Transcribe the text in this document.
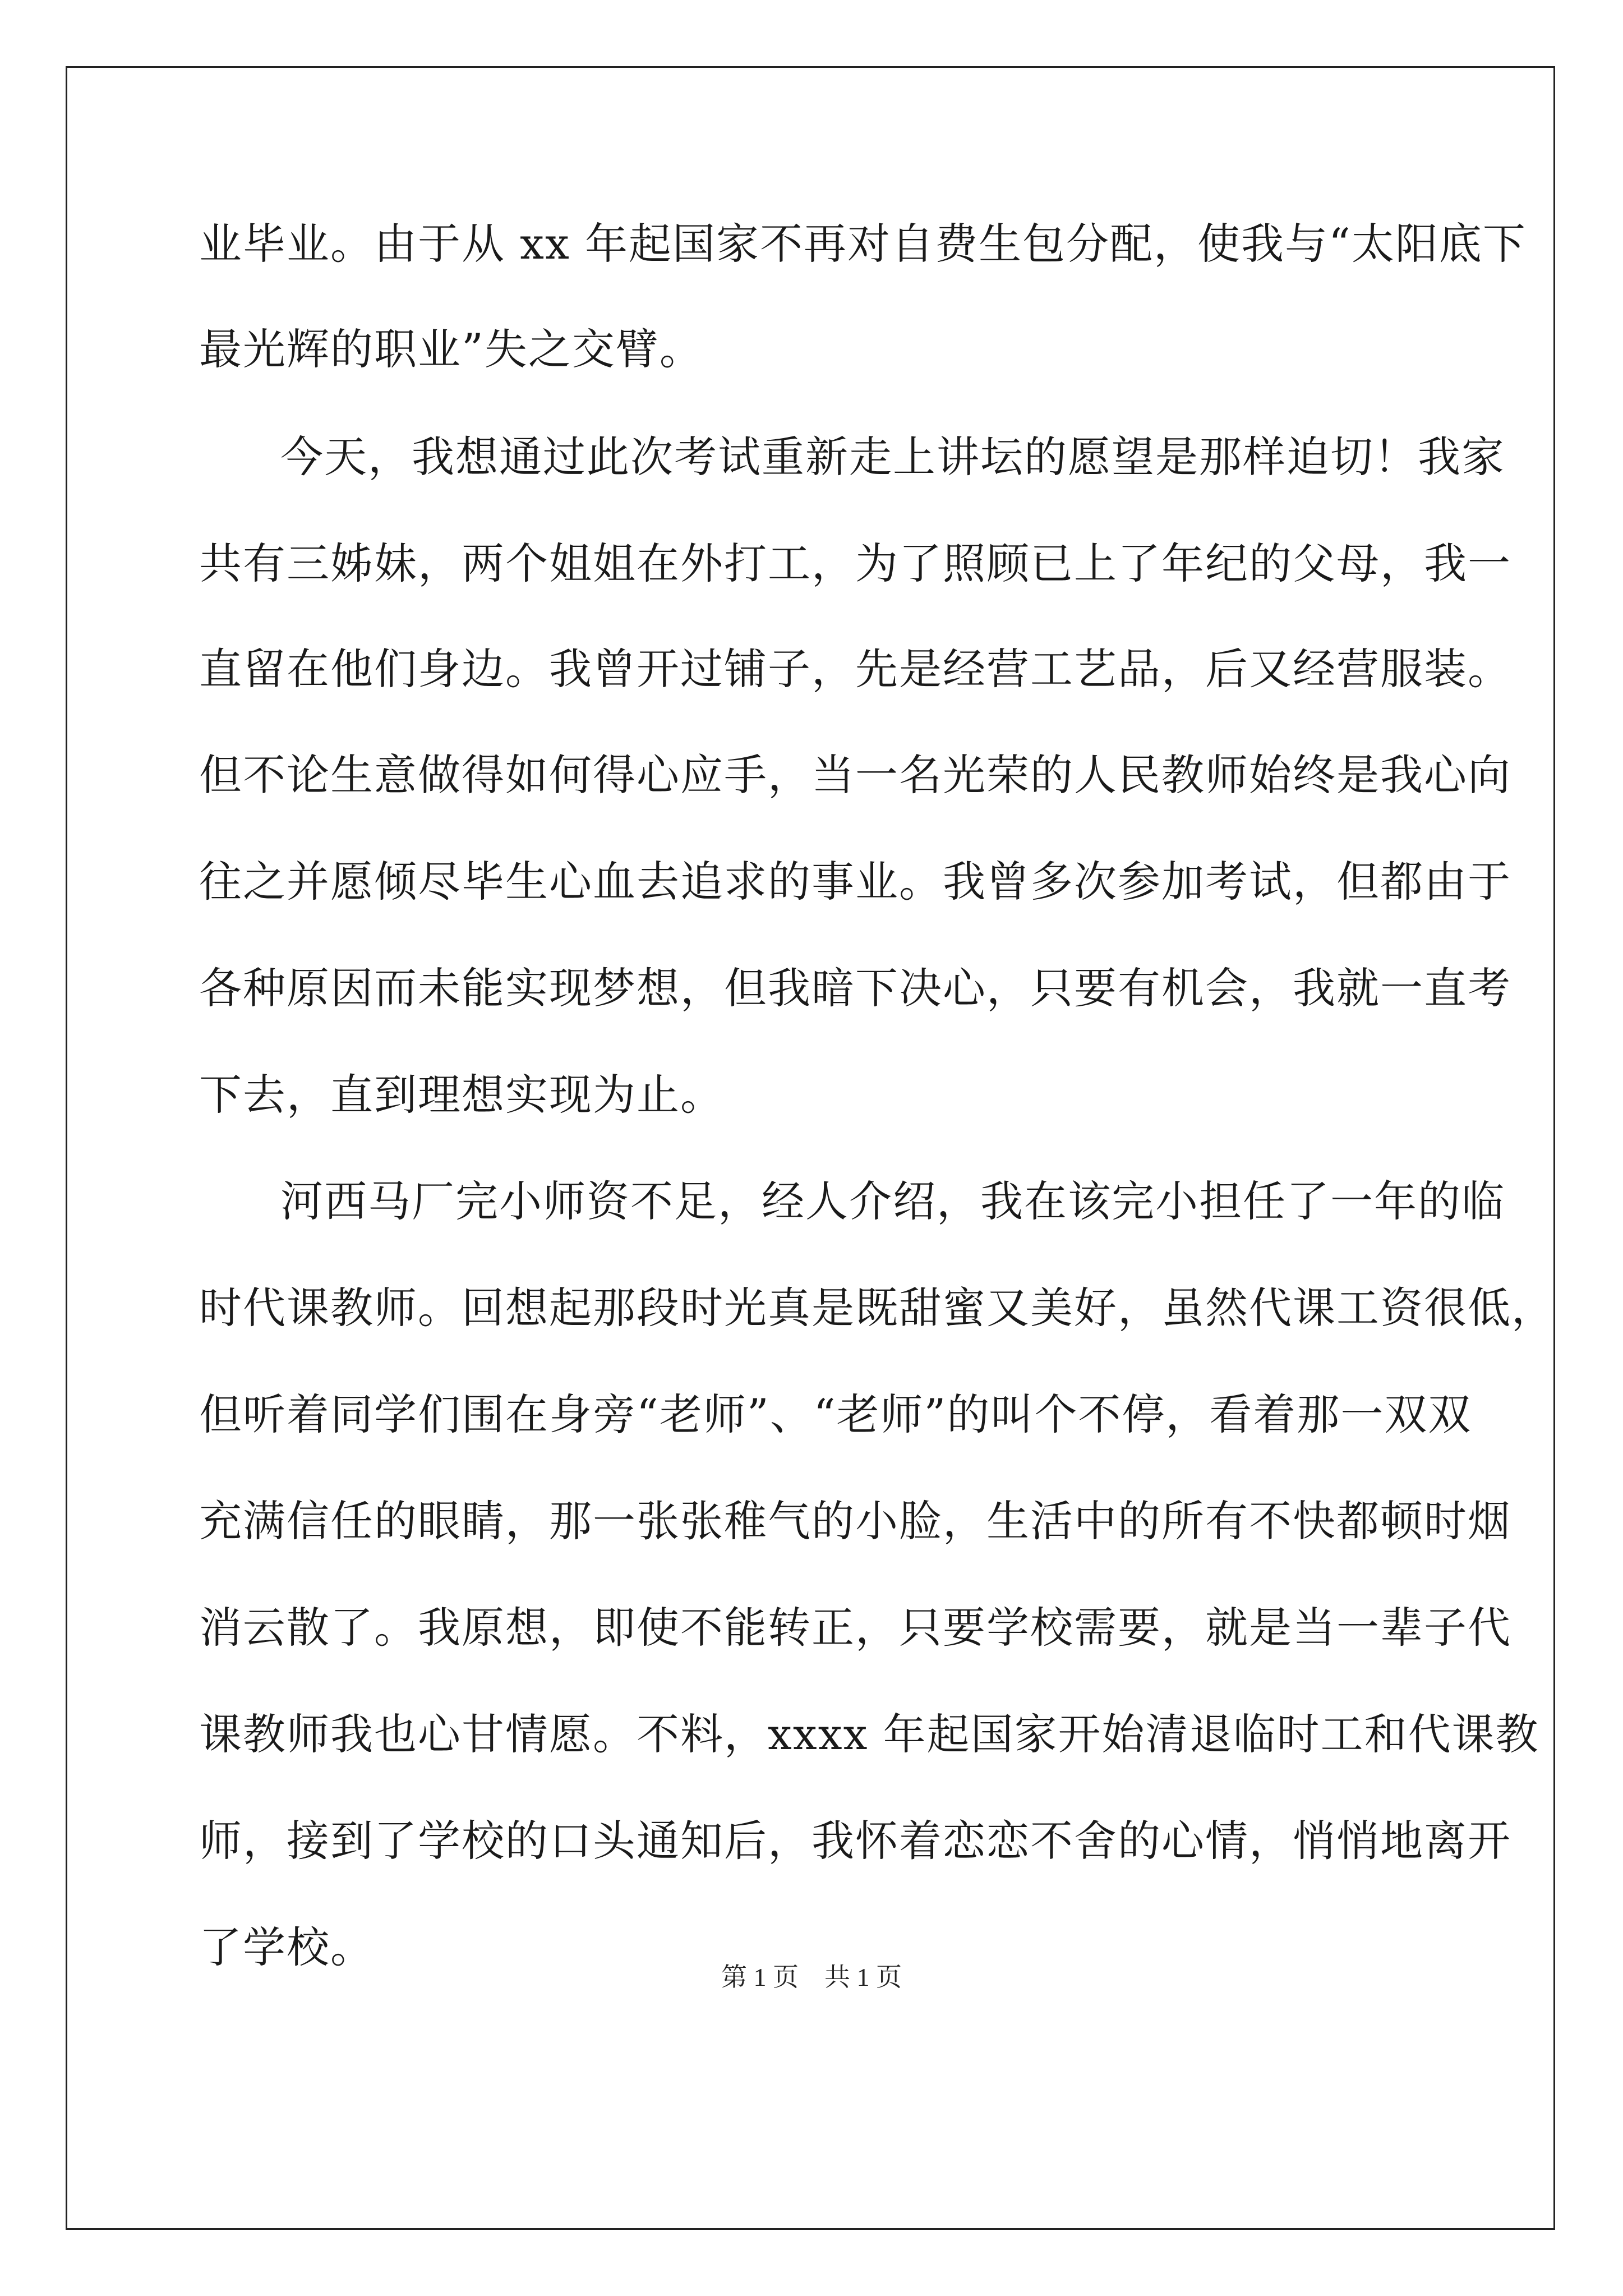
业毕业。由于从 xx 年起国家不再对自费生包分配，使我与“太阳底下
最光辉的职业”失之交臂。
今天，我想通过此次考试重新走上讲坛的愿望是那样迫切！我家
共有三姊妹，两个姐姐在外打工，为了照顾已上了年纪的父母，我一
直留在他们身边。我曾开过铺子，先是经营工艺品，后又经营服装。
但不论生意做得如何得心应手，当一名光荣的人民教师始终是我心向
往之并愿倾尽毕生心血去追求的事业。我曾多次参加考试，但都由于
各种原因而未能实现梦想，但我暗下决心，只要有机会，我就一直考
下去，直到理想实现为止。
河西马厂完小师资不足，经人介绍，我在该完小担任了一年的临
时代课教师。回想起那段时光真是既甜蜜又美好，虽然代课工资很低，
但听着同学们围在身旁“老师”、“老师”的叫个不停，看着那一双双
充满信任的眼睛，那一张张稚气的小脸，生活中的所有不快都顿时烟
消云散了。我原想，即使不能转正，只要学校需要，就是当一辈子代
课教师我也心甘情愿。不料，xxxx 年起国家开始清退临时工和代课教
师，接到了学校的口头通知后，我怀着恋恋不舍的心情，悄悄地离开
了学校。
第 1 页　共 1 页
